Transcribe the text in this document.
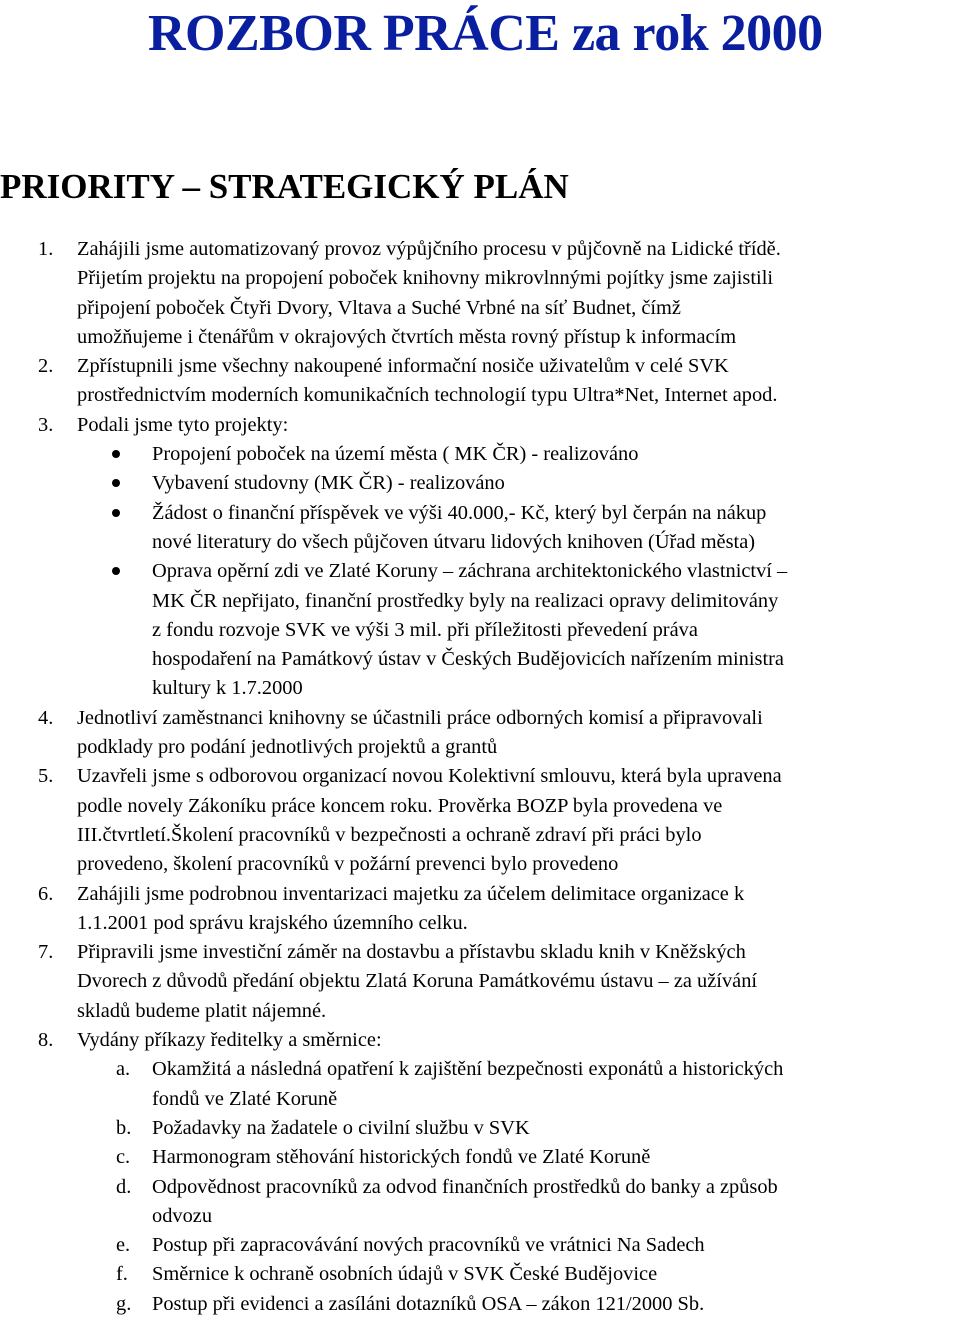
ROZBOR PRÁCE za rok 2000
PRIORITY – STRATEGICKÝ PLÁN
1. Zahájili jsme automatizovaný provoz výpůjčního procesu v půjčovně na Lidické třídě.
Přijetím projektu na propojení poboček knihovny mikrovlnnými pojítky jsme zajistili
připojení poboček Čtyři Dvory, Vltava a Suché Vrbné na síť Budnet, čímž
umožňujeme i čtenářům v okrajových čtvrtích města rovný přístup k informacím
2. Zpřístupnili jsme všechny nakoupené informační nosiče uživatelům v celé SVK
prostřednictvím moderních komunikačních technologií typu Ultra*Net, Internet apod.
3. Podali jsme tyto projekty:
Propojení poboček na území města ( MK ČR) - realizováno
Vybavení studovny (MK ČR) - realizováno
Žádost o finanční příspěvek ve výši 40.000,- Kč, který byl čerpán na nákup
nové literatury do všech půjčoven útvaru lidových knihoven (Úřad města)
Oprava opěrní zdi ve Zlaté Koruny – záchrana architektonického vlastnictví –
MK ČR nepřijato, finanční prostředky byly na realizaci opravy delimitovány
z fondu rozvoje SVK ve výši 3 mil. při příležitosti převedení práva
hospodaření na Památkový ústav v Českých Budějovicích nařízením ministra
kultury k 1.7.2000
4. Jednotliví zaměstnanci knihovny se účastnili práce odborných komisí a připravovali
podklady pro podání jednotlivých projektů a grantů
5. Uzavřeli jsme s odborovou organizací novou Kolektivní smlouvu, která byla upravena
podle novely Zákoníku práce koncem roku. Prověrka BOZP byla provedena ve
III.čtvrtletí.Školení pracovníků v bezpečnosti a ochraně zdraví při práci bylo
provedeno, školení pracovníků v požární prevenci bylo provedeno
6. Zahájili jsme podrobnou inventarizaci majetku za účelem delimitace organizace k
1.1.2001 pod správu krajského územního celku.
7. Připravili jsme investiční záměr na dostavbu a přístavbu skladu knih v Kněžských
Dvorech z důvodů předání objektu Zlatá Koruna Památkovému ústavu – za užívání
skladů budeme platit nájemné.
8. Vydány příkazy ředitelky a směrnice:
a. Okamžitá a následná opatření k zajištění bezpečnosti exponátů a historických
fondů ve Zlaté Koruně
b. Požadavky na žadatele o civilní službu v SVK
c. Harmonogram stěhování historických fondů ve Zlaté Koruně
d. Odpovědnost pracovníků za odvod finančních prostředků do banky a způsob
odvozu
e. Postup při zapracovávání nových pracovníků ve vrátnici Na Sadech
f. Směrnice k ochraně osobních údajů v SVK České Budějovice
g. Postup při evidenci a zasíláni dotazníků OSA – zákon 121/2000 Sb.
